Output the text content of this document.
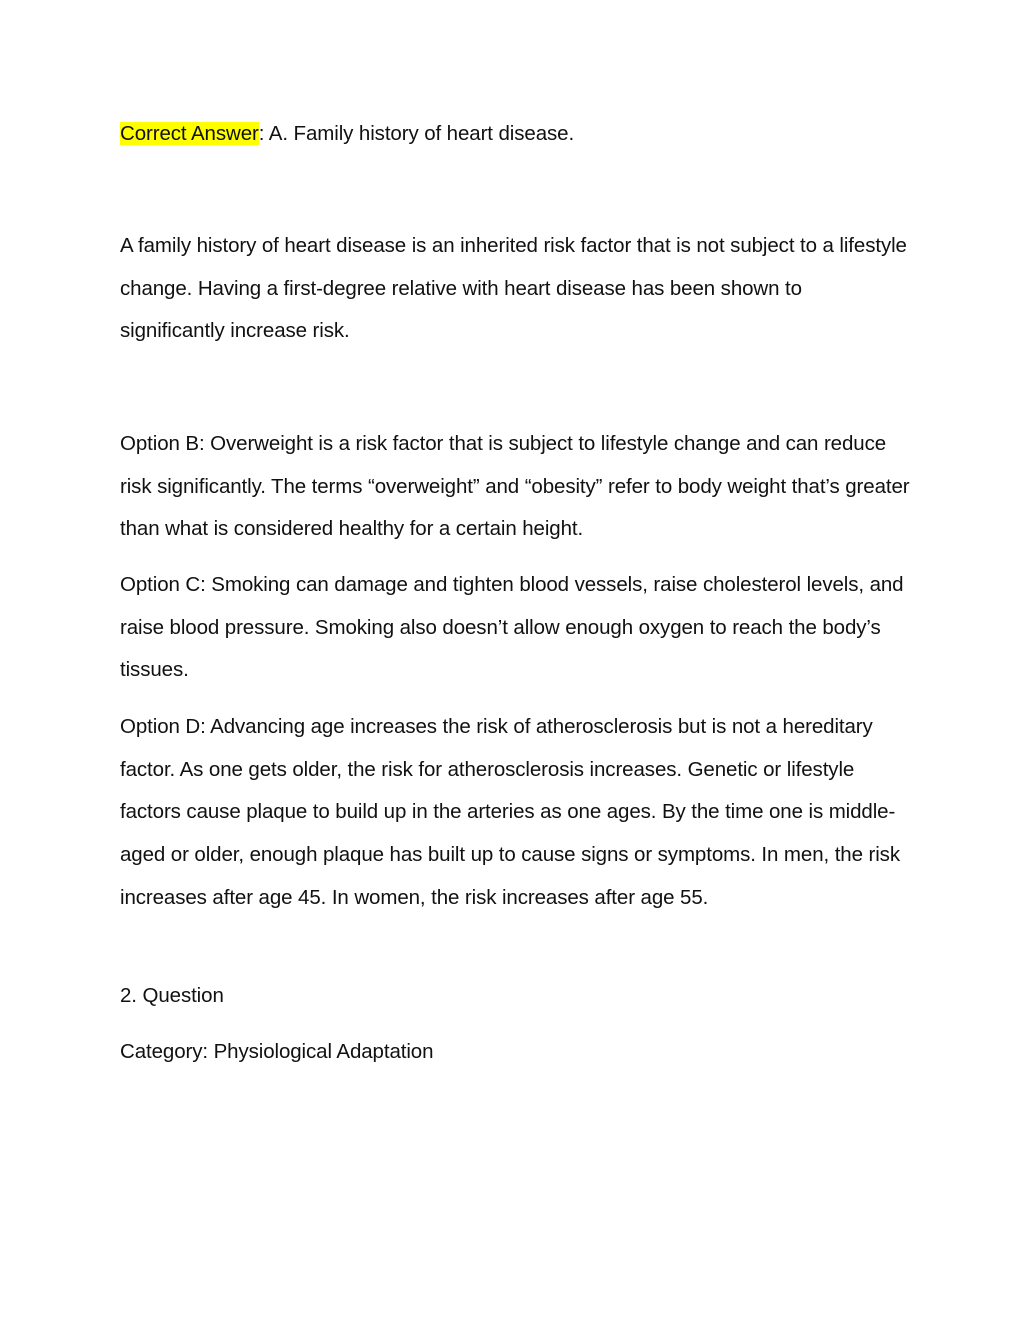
Correct Answer: A. Family history of heart disease.

A family history of heart disease is an inherited risk factor that is not subject to a lifestyle change. Having a first-degree relative with heart disease has been shown to significantly increase risk.

Option B: Overweight is a risk factor that is subject to lifestyle change and can reduce risk significantly. The terms “overweight” and “obesity” refer to body weight that’s greater than what is considered healthy for a certain height.

Option C: Smoking can damage and tighten blood vessels, raise cholesterol levels, and raise blood pressure. Smoking also doesn’t allow enough oxygen to reach the body’s tissues.

Option D: Advancing age increases the risk of atherosclerosis but is not a hereditary factor. As one gets older, the risk for atherosclerosis increases. Genetic or lifestyle factors cause plaque to build up in the arteries as one ages. By the time one is middle-aged or older, enough plaque has built up to cause signs or symptoms. In men, the risk increases after age 45. In women, the risk increases after age 55.

2. Question

Category: Physiological Adaptation
